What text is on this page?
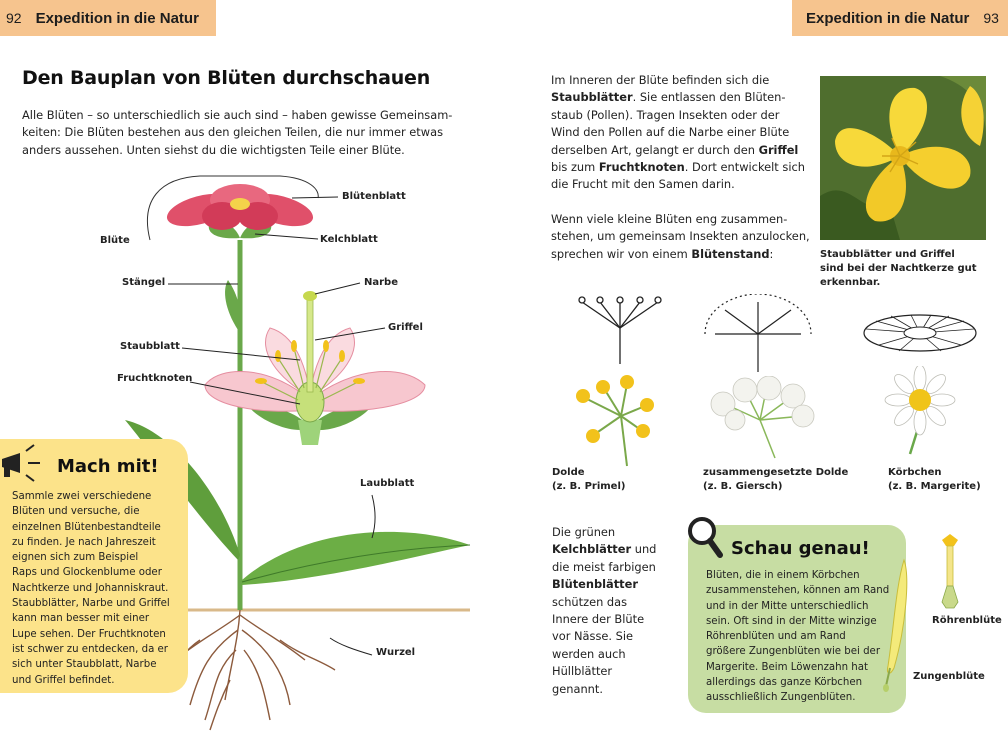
92 Expedition in die Natur	Expedition in die Natur 93
Den Bauplan von Blüten durchschauen
Alle Blüten – so unterschiedlich sie auch sind – haben gewisse Gemeinsam-
keiten: Die Blüten bestehen aus den gleichen Teilen, die nur immer etwas
anders aussehen. Unten siehst du die wichtigsten Teile einer Blüte.
Blütenblatt
Blüte	Kelchblatt
Stängel	Narbe
Griffel
Staubblatt
Fruchtknoten
Laubblatt
Wurzel
Mach mit!
Sammle zwei verschiedene
Blüten und versuche, die
einzelnen Blütenbestandteile
zu finden. Je nach Jahreszeit
eignen sich zum Beispiel
Raps und Glockenblume oder
Nachtkerze und Johanniskraut.
Staubblätter, Narbe und Griffel
kann man besser mit einer
Lupe sehen. Der Fruchtknoten
ist schwer zu entdecken, da er
sich unter Staubblatt, Narbe
und Griffel befindet.
Im Inneren der Blüte befinden sich die
Staubblätter. Sie entlassen den Blüten-
staub (Pollen). Tragen Insekten oder der
Wind den Pollen auf die Narbe einer Blüte
derselben Art, gelangt er durch den Griffel
bis zum Fruchtknoten. Dort entwickelt sich
die Frucht mit den Samen darin.
Wenn viele kleine Blüten eng zusammen-
stehen, um gemeinsam Insekten anzulocken,
sprechen wir von einem Blütenstand:	Staubblätter und Griffel
sind bei der Nachtkerze gut
erkennbar.
Dolde
(z. B. Primel)
zusammengesetzte Dolde
(z. B. Giersch)
Körbchen
(z. B. Margerite)
Die grünen
Kelchblätter und
die meist farbigen
Blütenblätter
schützen das
Innere der Blüte
vor Nässe. Sie
werden auch
Hüllblätter
genannt.
Schau genau!
Blüten, die in einem Körbchen
zusammenstehen, können am Rand
und in der Mitte unterschiedlich
sein. Oft sind in der Mitte winzige
Röhrenblüten und am Rand
größere Zungenblüten wie bei der
Margerite. Beim Löwenzahn hat
allerdings das ganze Körbchen
ausschließlich Zungenblüten.
Röhrenblüte
Zungenblüte
